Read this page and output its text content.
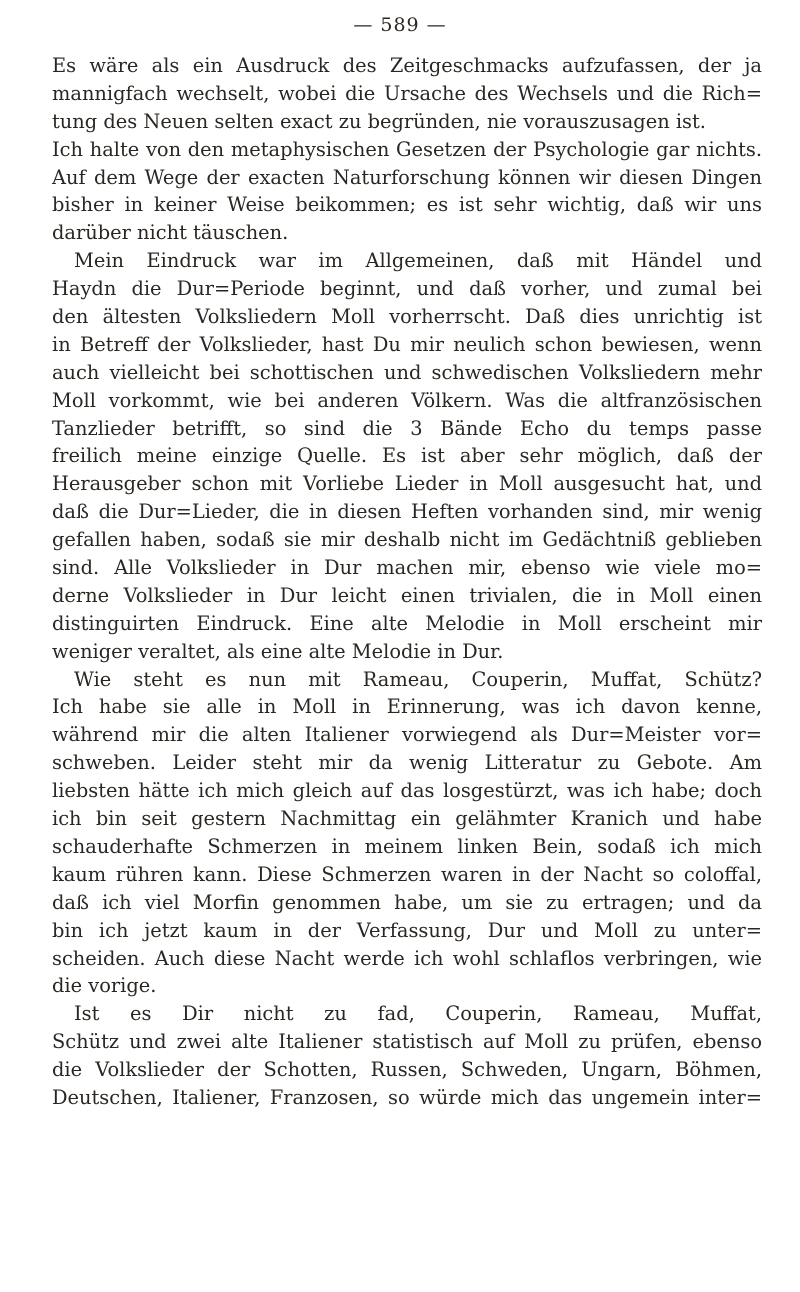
— 589 —
Es wäre als ein Ausdruck des Zeitgeschmacks aufzufassen, der ja
mannigfach wechselt, wobei die Ursache des Wechsels und die Rich=
tung des Neuen selten exact zu begründen, nie vorauszusagen ist.
Ich halte von den metaphysischen Gesetzen der Psychologie gar nichts.
Auf dem Wege der exacten Naturforschung können wir diesen Dingen
bisher in keiner Weise beikommen; es ist sehr wichtig, daß wir uns
darüber nicht täuschen.
Mein Eindruck war im Allgemeinen, daß mit Händel und
Haydn die Dur=Periode beginnt, und daß vorher, und zumal bei
den ältesten Volksliedern Moll vorherrscht. Daß dies unrichtig ist
in Betreff der Volkslieder, hast Du mir neulich schon bewiesen, wenn
auch vielleicht bei schottischen und schwedischen Volksliedern mehr
Moll vorkommt, wie bei anderen Völkern. Was die altfranzösischen
Tanzlieder betrifft, so sind die 3 Bände Echo du temps passe
freilich meine einzige Quelle. Es ist aber sehr möglich, daß der
Herausgeber schon mit Vorliebe Lieder in Moll ausgesucht hat, und
daß die Dur=Lieder, die in diesen Heften vorhanden sind, mir wenig
gefallen haben, sodaß sie mir deshalb nicht im Gedächtniß geblieben
sind. Alle Volkslieder in Dur machen mir, ebenso wie viele mo=
derne Volkslieder in Dur leicht einen trivialen, die in Moll einen
distinguirten Eindruck. Eine alte Melodie in Moll erscheint mir
weniger veraltet, als eine alte Melodie in Dur.
Wie steht es nun mit Rameau, Couperin, Muffat, Schütz?
Ich habe sie alle in Moll in Erinnerung, was ich davon kenne,
während mir die alten Italiener vorwiegend als Dur=Meister vor=
schweben. Leider steht mir da wenig Litteratur zu Gebote. Am
liebsten hätte ich mich gleich auf das losgestürzt, was ich habe; doch
ich bin seit gestern Nachmittag ein gelähmter Kranich und habe
schauderhafte Schmerzen in meinem linken Bein, sodaß ich mich
kaum rühren kann. Diese Schmerzen waren in der Nacht so coloffal,
daß ich viel Morfin genommen habe, um sie zu ertragen; und da
bin ich jetzt kaum in der Verfassung, Dur und Moll zu unter=
scheiden. Auch diese Nacht werde ich wohl schlaflos verbringen, wie
die vorige.
Ist es Dir nicht zu fad, Couperin, Rameau, Muffat,
Schütz und zwei alte Italiener statistisch auf Moll zu prüfen, ebenso
die Volkslieder der Schotten, Russen, Schweden, Ungarn, Böhmen,
Deutschen, Italiener, Franzosen, so würde mich das ungemein inter=
